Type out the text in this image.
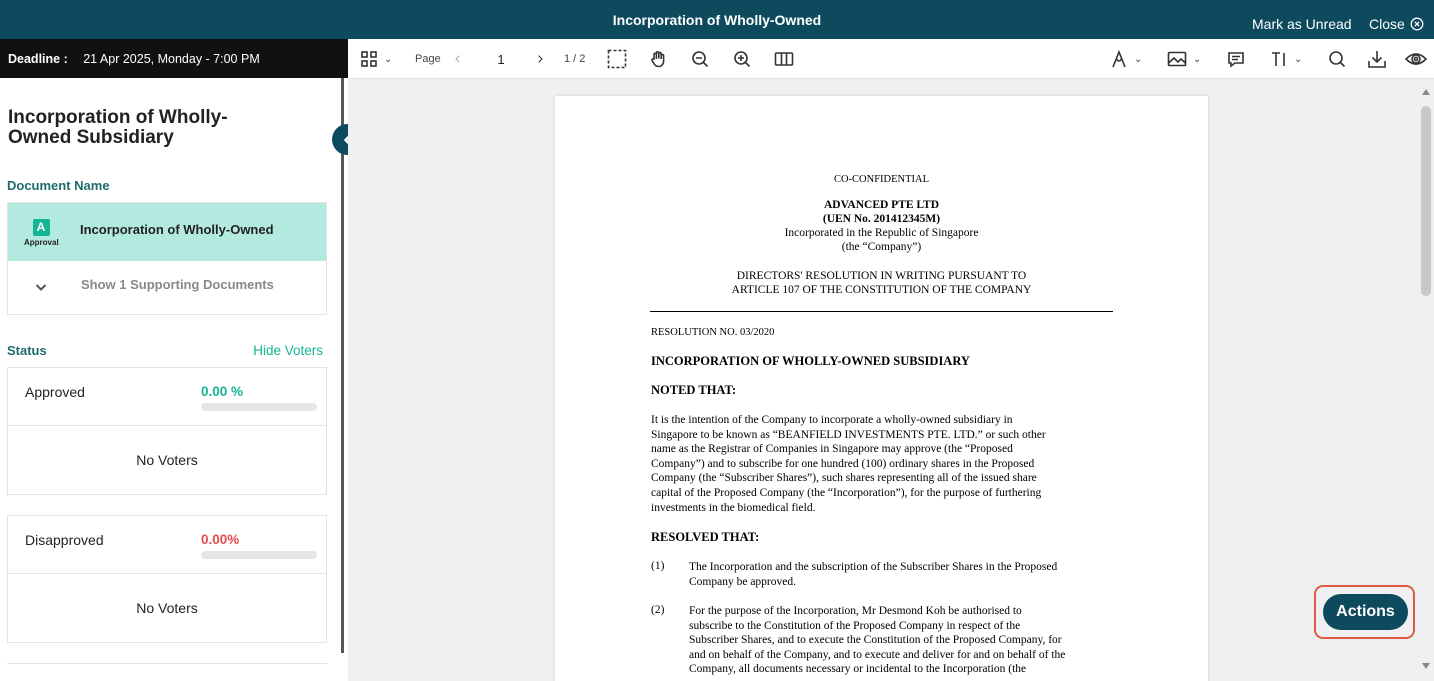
Incorporation of Wholly-Owned	Mark as Unread Close
Deadline : 21 Apr 2025, Monday - 7:00 PM	⌄ Page
1	1 / 2	⌄	⌄	⌄
Incorporation of Wholly-Owned Subsidiary
Document Name
A
Approval
Incorporation of Wholly-Owned
Show 1 Supporting Documents
Status	Hide Voters
Approved	0.00 %
No Voters
Disapproved	0.00%
No Voters
CO-CONFIDENTIAL
ADVANCED PTE LTD
(UEN No. 201412345M)
Incorporated in the Republic of Singapore
(the “Company”)
DIRECTORS' RESOLUTION IN WRITING PURSUANT TO
ARTICLE 107 OF THE CONSTITUTION OF THE COMPANY
RESOLUTION NO. 03/2020
INCORPORATION OF WHOLLY-OWNED SUBSIDIARY
NOTED THAT:
It is the intention of the Company to incorporate a wholly-owned subsidiary in
Singapore to be known as “BEANFIELD INVESTMENTS PTE. LTD.” or such other
name as the Registrar of Companies in Singapore may approve (the “Proposed
Company”) and to subscribe for one hundred (100) ordinary shares in the Proposed
Company (the “Subscriber Shares”), such shares representing all of the issued share
capital of the Proposed Company (the “Incorporation”), for the purpose of furthering
investments in the biomedical field.
RESOLVED THAT:
(1) The Incorporation and the subscription of the Subscriber Shares in the Proposed
Company be approved.
(2) For the purpose of the Incorporation, Mr Desmond Koh be authorised to
subscribe to the Constitution of the Proposed Company in respect of the
Subscriber Shares, and to execute the Constitution of the Proposed Company, for
and on behalf of the Company, and to execute and deliver for and on behalf of the
Company, all documents necessary or incidental to the Incorporation (the
Actions
